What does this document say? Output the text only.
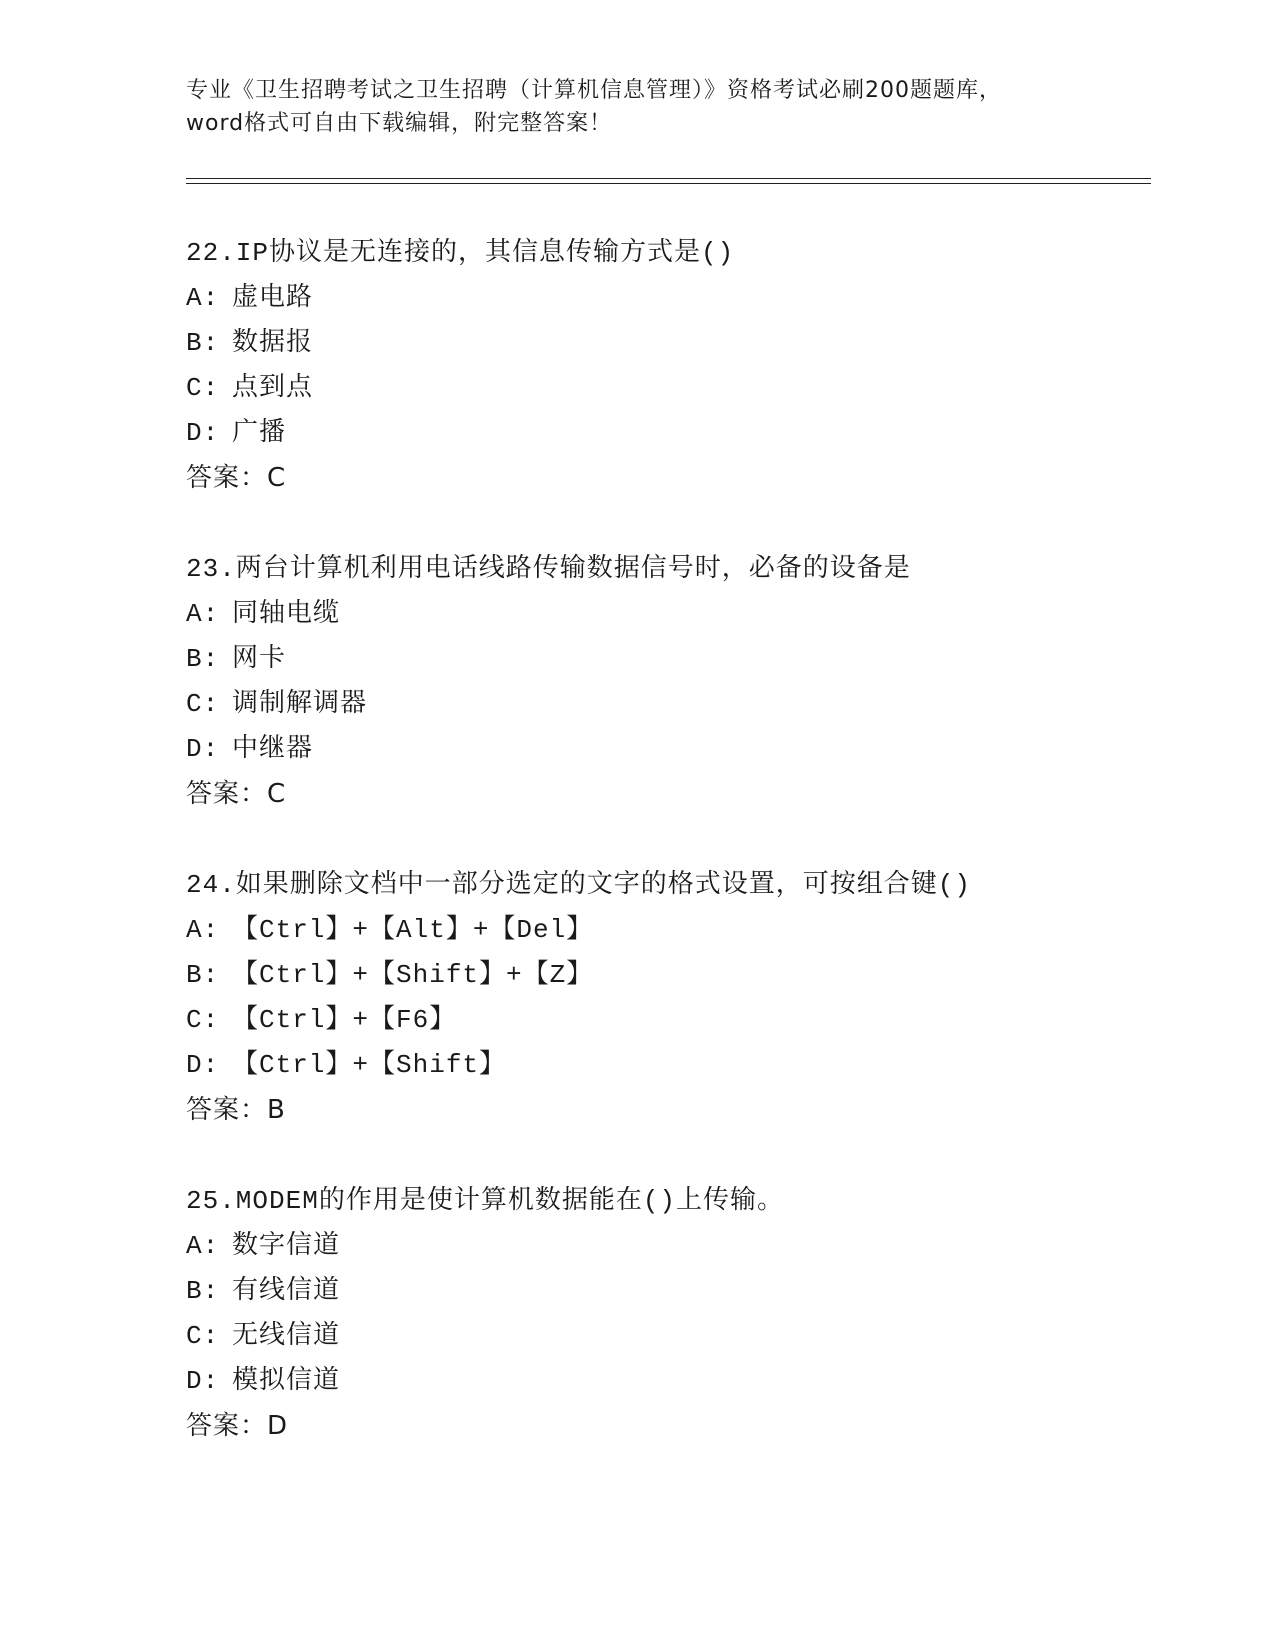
专业《卫生招聘考试之卫生招聘（计算机信息管理）》资格考试必刷200题题库，
word格式可自由下载编辑，附完整答案！
22.IP协议是无连接的，其信息传输方式是()
A: 虚电路
B: 数据报
C: 点到点
D: 广播
答案：C
23.两台计算机利用电话线路传输数据信号时，必备的设备是
A: 同轴电缆
B: 网卡
C: 调制解调器
D: 中继器
答案：C
24.如果删除文档中一部分选定的文字的格式设置，可按组合键()
A: 【Ctrl】+【Alt】+【Del】
B: 【Ctrl】+【Shift】+【Z】
C: 【Ctrl】+【F6】
D: 【Ctrl】+【Shift】
答案：B
25.MODEM的作用是使计算机数据能在()上传输。
A: 数字信道
B: 有线信道
C: 无线信道
D: 模拟信道
答案：D
